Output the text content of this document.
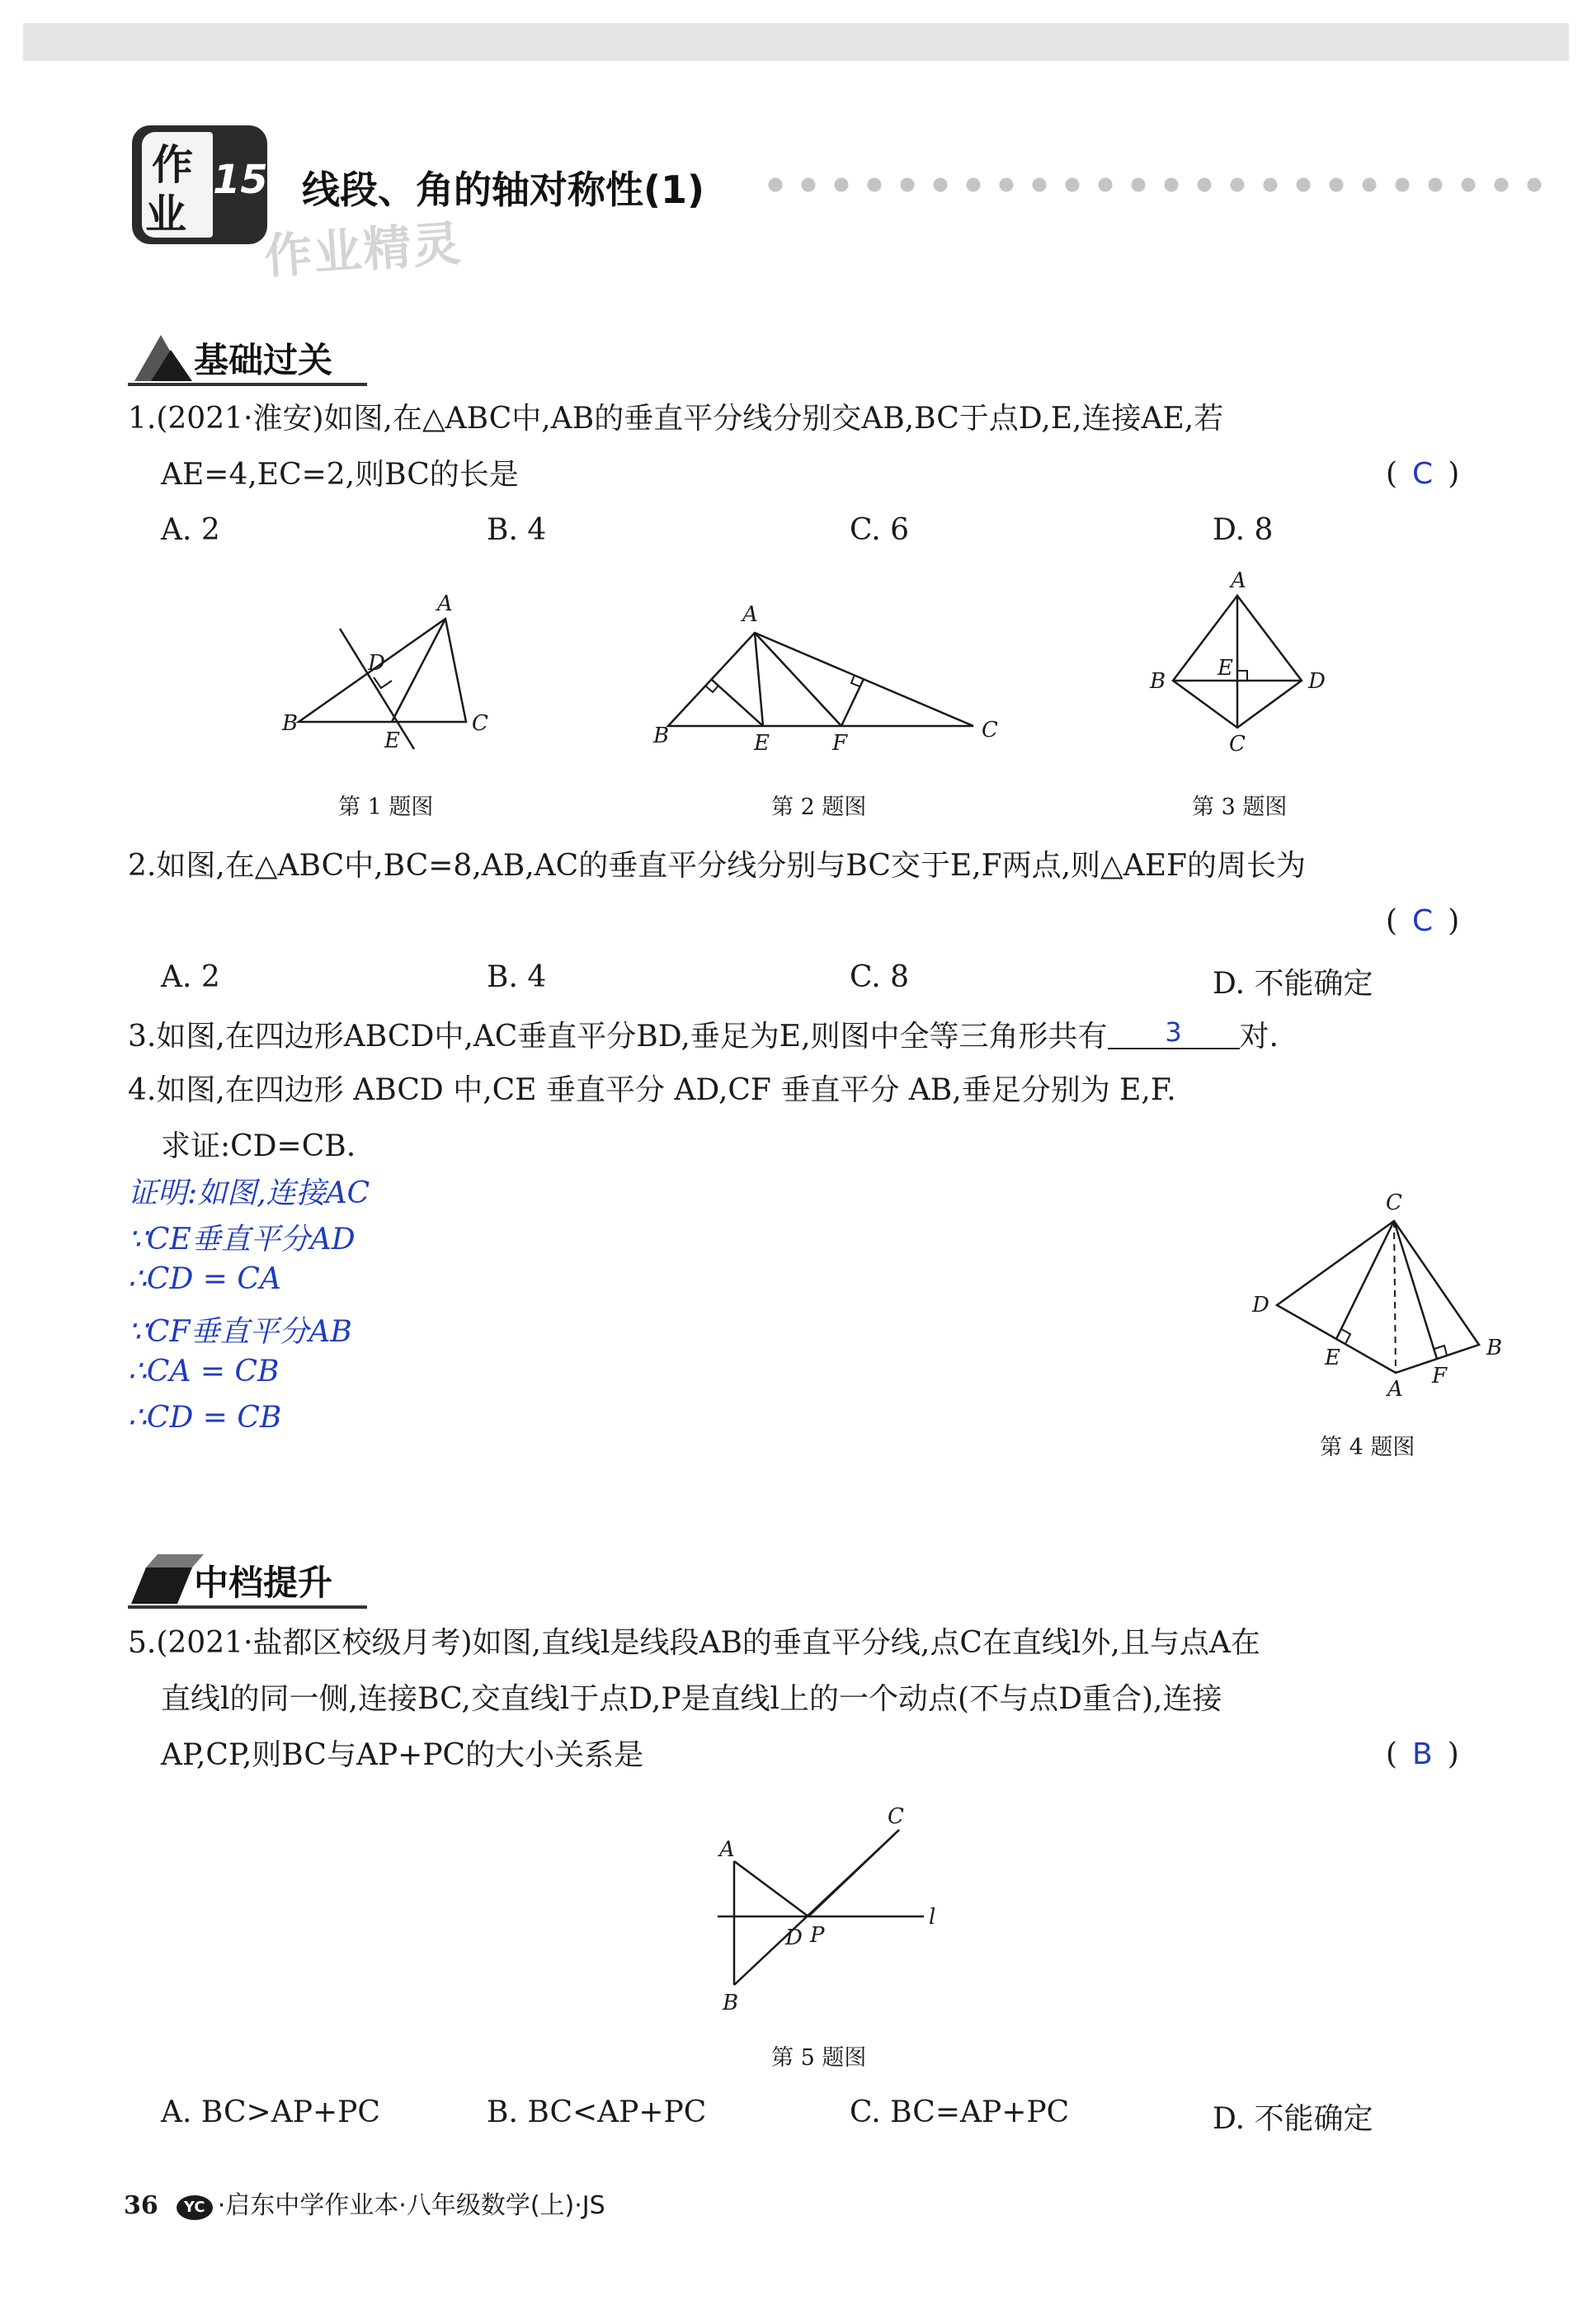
作
业
15 线段、角的轴对称性(1)
作业精灵
基础过关
1.(2021·淮安)如图,在△ABC中,AB的垂直平分线分别交AB,BC于点D,E,连接AE,若
AE=4,EC=2,则BC的长是	( C )
A. 2	B. 4	C. 6	D. 8
A
B	C
D
E
第 1 题图
A
B	C
E	F
第 2 题图
A
B
C
D
E
第 3 题图
2.如图,在△ABC中,BC=8,AB,AC的垂直平分线分别与BC交于E,F两点,则△AEF的周长为
( C )
A. 2	B. 4	C. 8	D. 不能确定
3.如图,在四边形ABCD中,AC垂直平分BD,垂足为E,则图中全等三角形共有 3 对.
4.如图,在四边形 ABCD 中,CE 垂直平分 AD,CF 垂直平分 AB,垂足分别为 E,F.
求证:CD=CB.
证明:如图,连接AC
∵CE垂直平分AD
∴CD = CA
∵CF垂直平分AB
∴CA = CB
∴CD = CB
C
D
E
A
F
B
第 4 题图
中档提升
5.(2021·盐都区校级月考)如图,直线l是线段AB的垂直平分线,点C在直线l外,且与点A在
直线l的同一侧,连接BC,交直线l于点D,P是直线l上的一个动点(不与点D重合),连接
AP,CP,则BC与AP+PC的大小关系是	( B )
A
B
C
D P
l
第 5 题图
A. BC>AP+PC	B. BC<AP+PC	C. BC=AP+PC	D. 不能确定
36 YC ·启东中学作业本·八年级数学(上)·JS
